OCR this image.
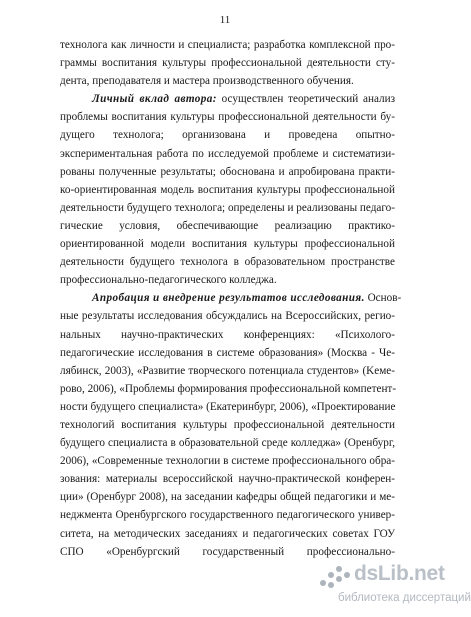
11
технолога как личности и специалиста; разработка комплексной про-
граммы воспитания культуры профессиональной деятельности сту-
дента, преподавателя и мастера производственного обучения.
Личный вклад автора: осуществлен теоретический анализ
проблемы воспитания культуры профессиональной деятельности бу-
дущего технолога; организована и проведена опытно-
экспериментальная работа по исследуемой проблеме и систематизи-
рованы полученные результаты; обоснована и апробирована практи-
ко-ориентированная модель воспитания культуры профессиональной
деятельности будущего технолога; определены и реализованы педаго-
гические условия, обеспечивающие реализацию практико-
ориентированной модели воспитания культуры профессиональной
деятельности будущего технолога в образовательном пространстве
профессионально-педагогического колледжа.
Апробация и внедрение результатов исследования. Основ-
ные результаты исследования обсуждались на Всероссийских, регио-
нальных научно-практических конференциях: «Психолого-
педагогические исследования в системе образования» (Москва - Че-
лябинск, 2003), «Развитие творческого потенциала студентов» (Keме-
рово, 2006), «Проблемы формирования профессиональной компетент-
ности будущего специалиста» (Екатеринбург, 2006), «Проектирование
технологий воспитания культуры профессиональной деятельности
будущего специалиста в образовательной среде колледжа» (Оренбург,
2006), «Современные технологии в системе профессионального обра-
зования: материалы всероссийской научно-практической конферен-
ции» (Оренбург 2008), на заседании кафедры общей педагогики и ме-
неджмента Оренбургского государственного педагогического универ-
ситета, на методических заседаниях и педагогических советах ГОУ
СПО «Оренбургский государственный профессионально-
dsLib.net
библиотека диссертаций
